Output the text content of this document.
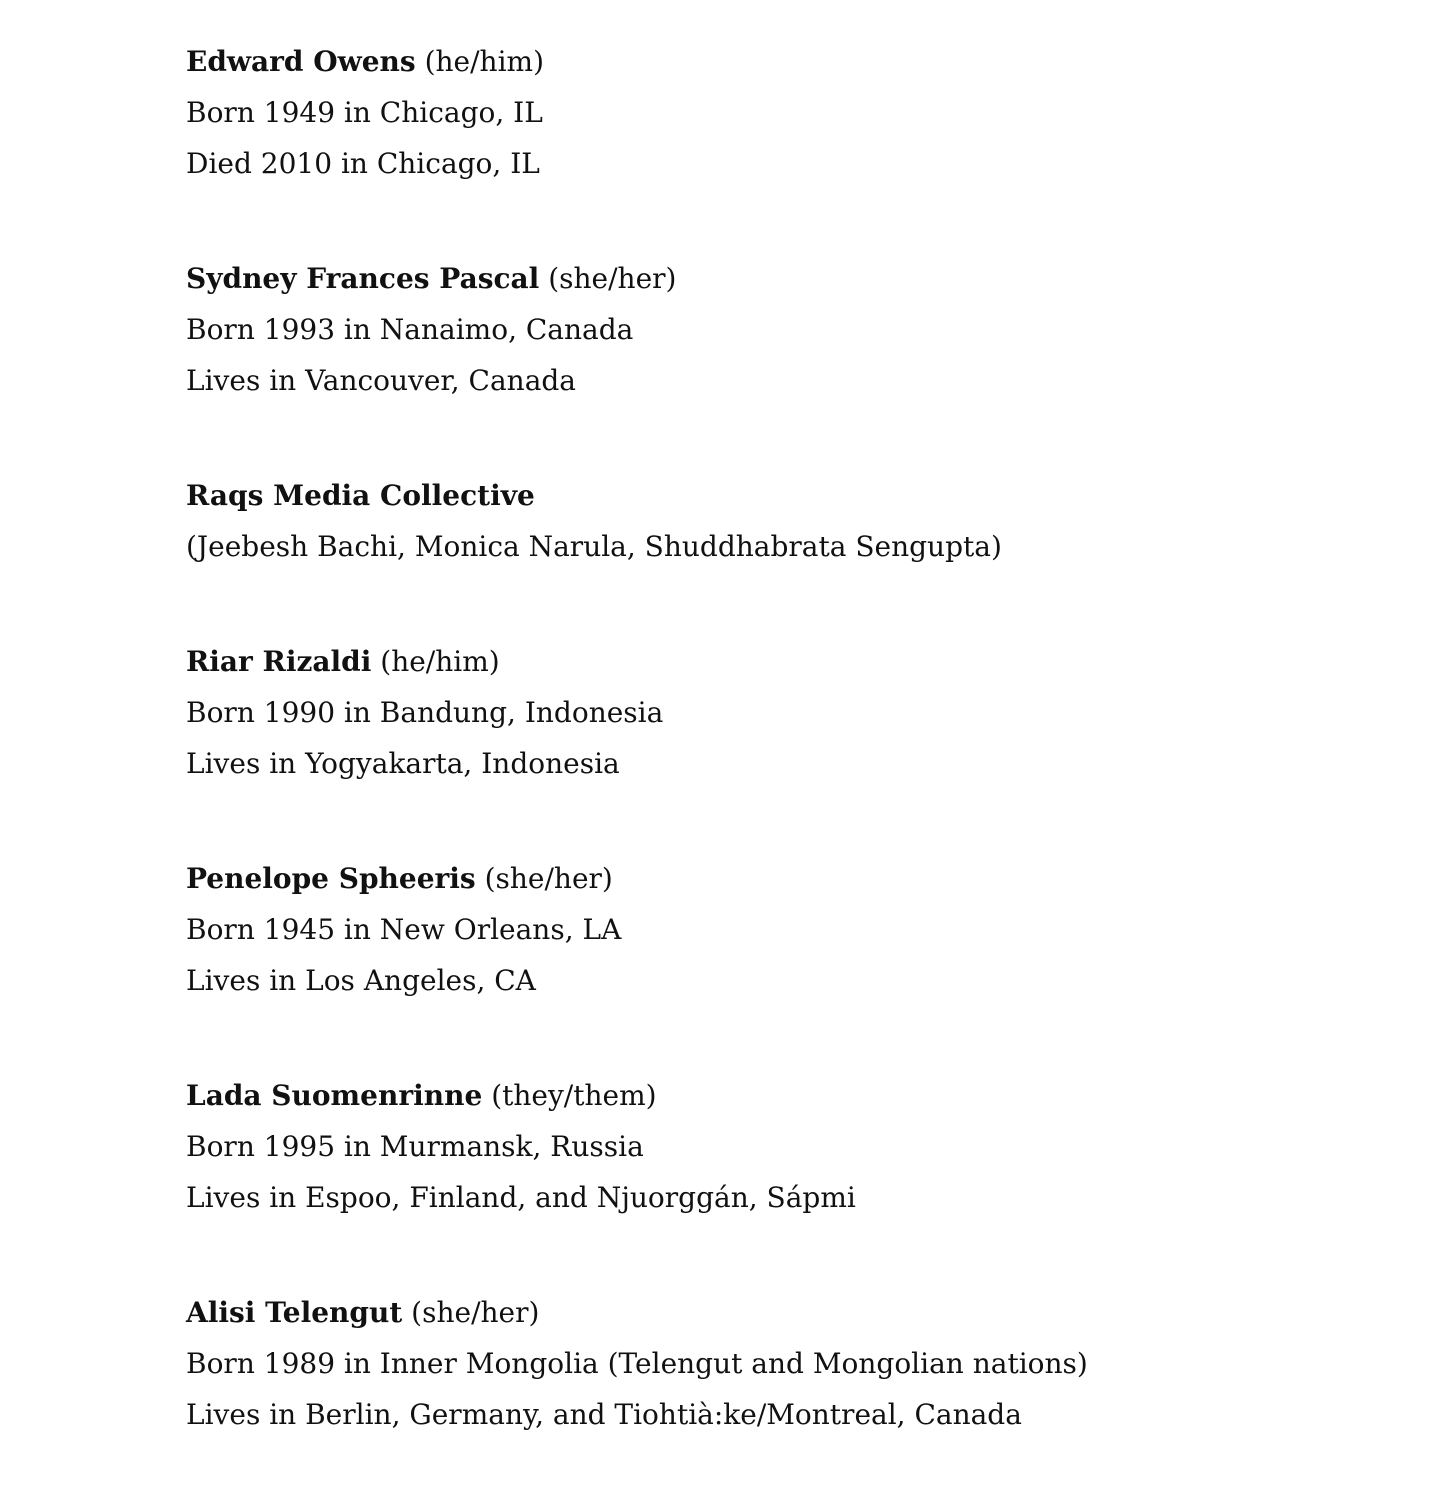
Edward Owens (he/him)
Born 1949 in Chicago, IL
Died 2010 in Chicago, IL
Sydney Frances Pascal (she/her)
Born 1993 in Nanaimo, Canada
Lives in Vancouver, Canada
Raqs Media Collective
(Jeebesh Bachi, Monica Narula, Shuddhabrata Sengupta)
Riar Rizaldi (he/him)
Born 1990 in Bandung, Indonesia
Lives in Yogyakarta, Indonesia
Penelope Spheeris (she/her)
Born 1945 in New Orleans, LA
Lives in Los Angeles, CA
Lada Suomenrinne (they/them)
Born 1995 in Murmansk, Russia
Lives in Espoo, Finland, and Njuorggán, Sápmi
Alisi Telengut (she/her)
Born 1989 in Inner Mongolia (Telengut and Mongolian nations)
Lives in Berlin, Germany, and Tiohtià:ke/Montreal, Canada
